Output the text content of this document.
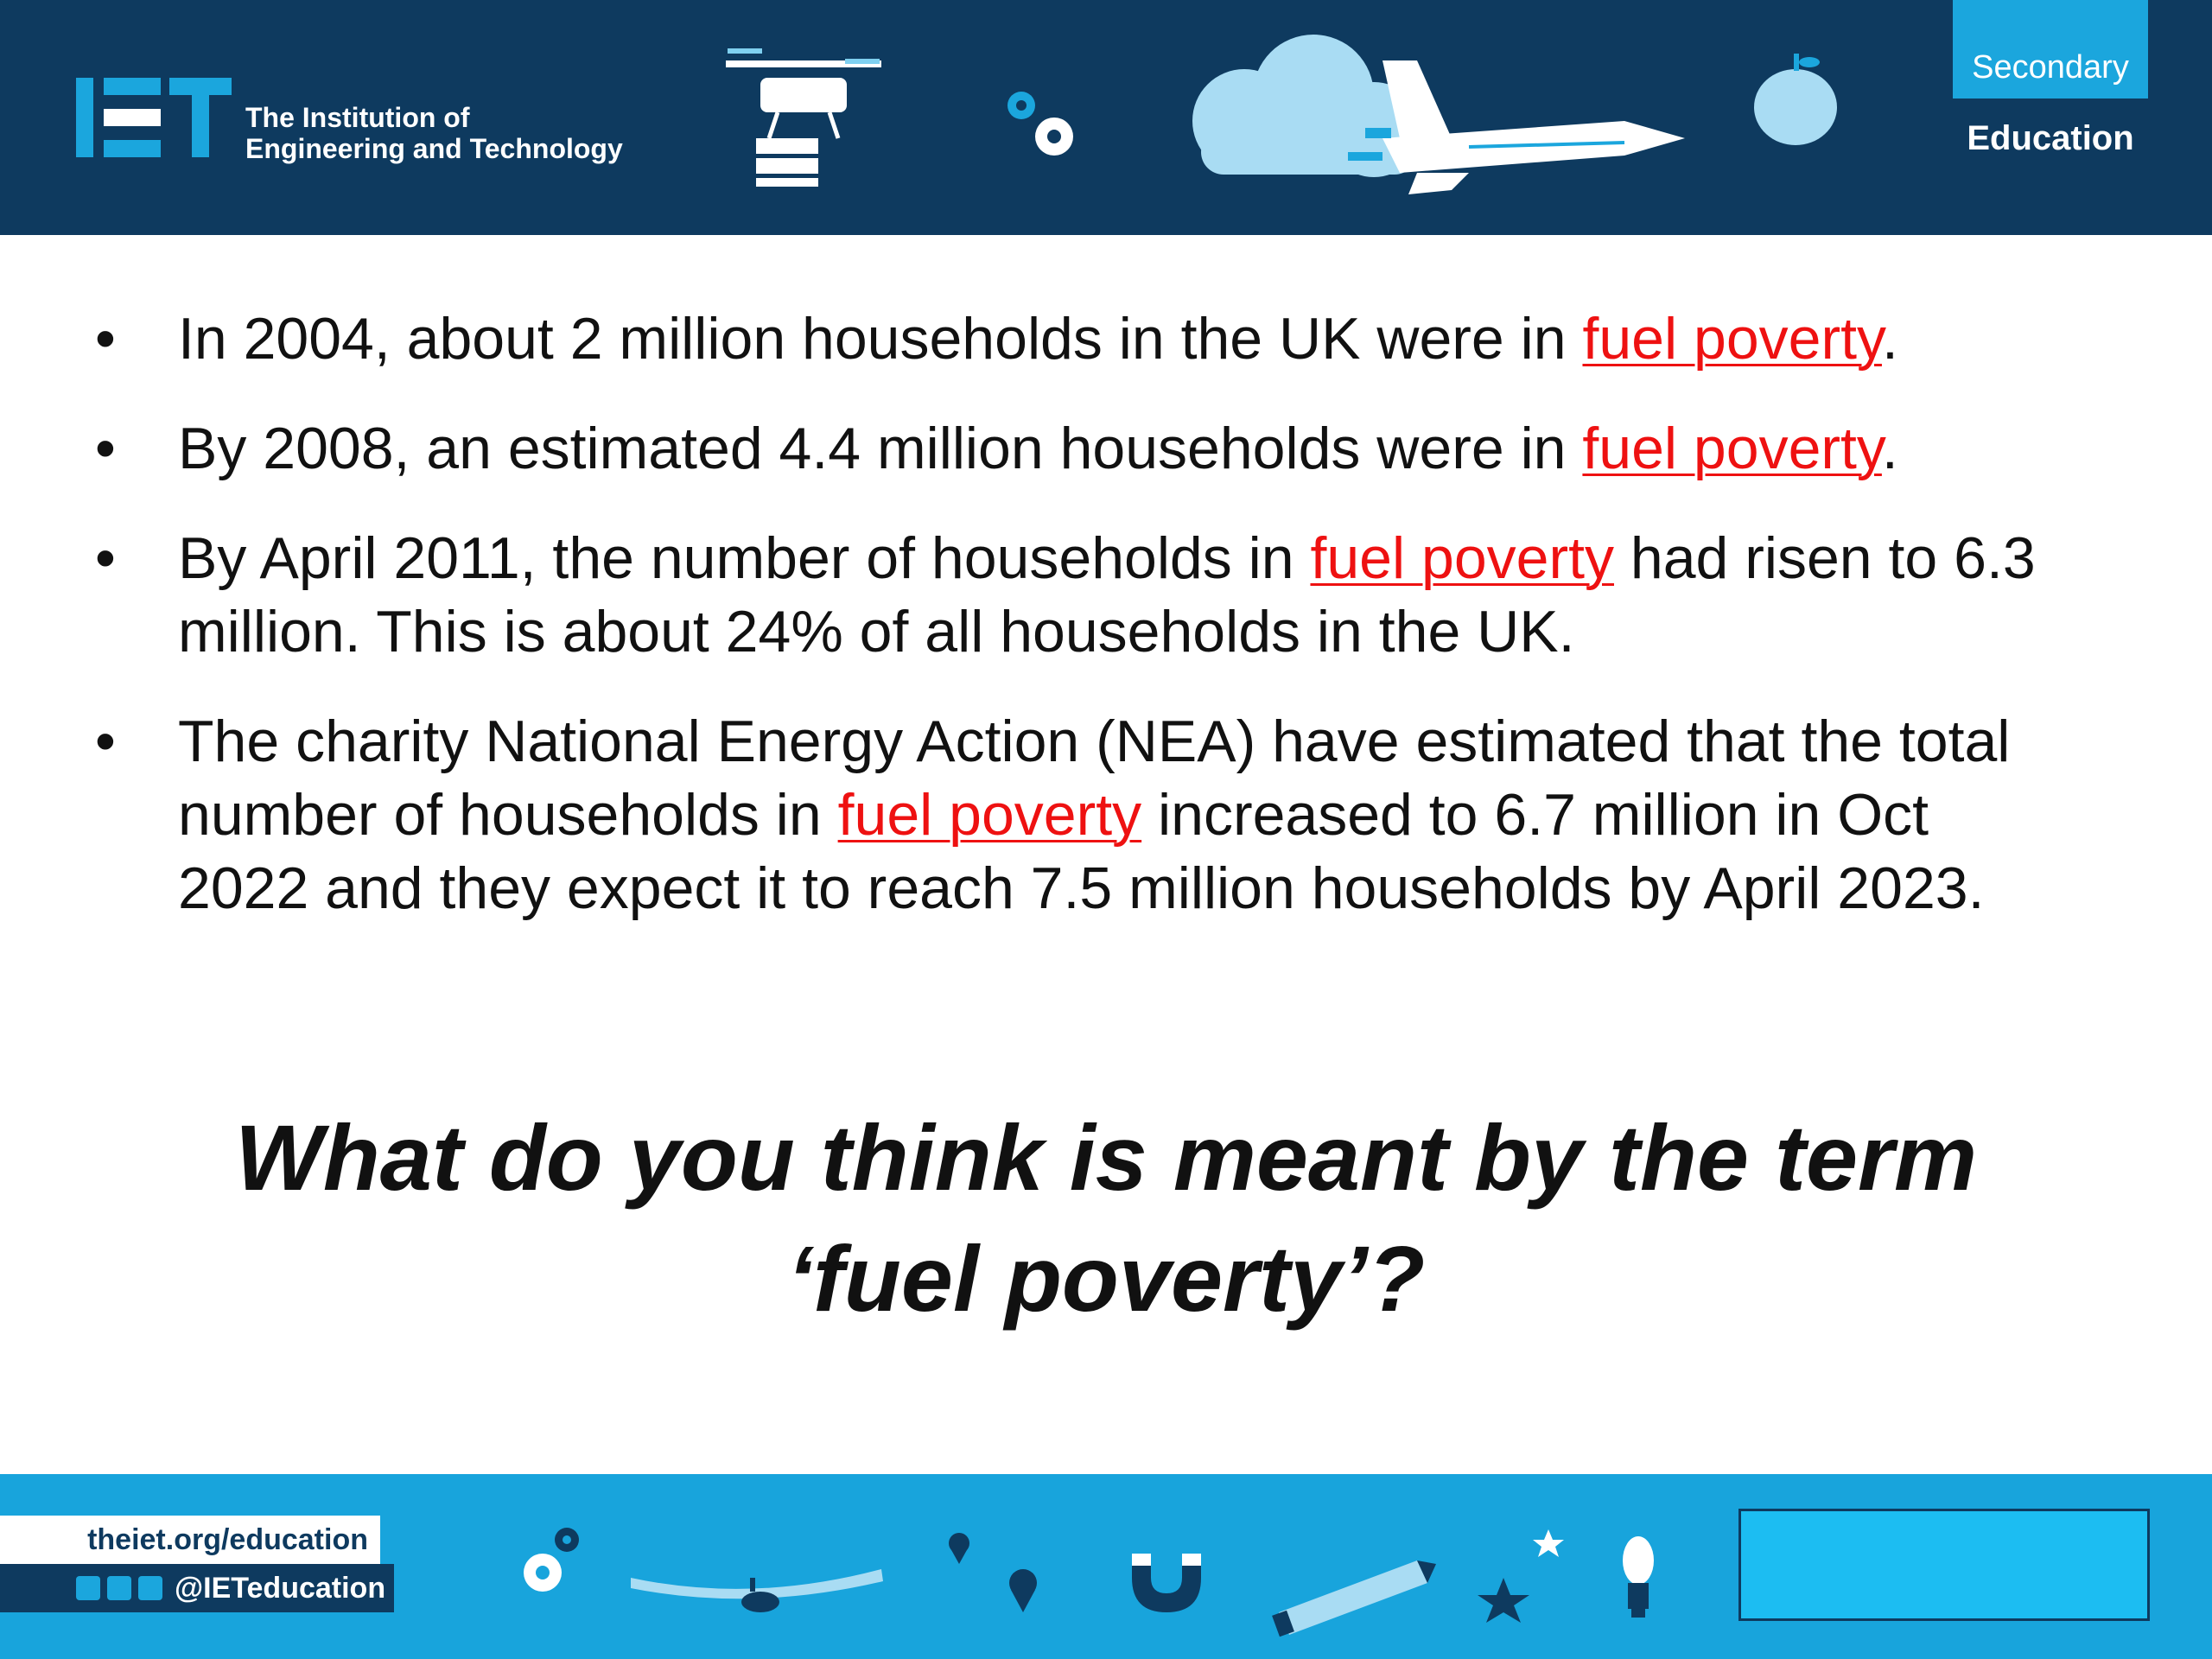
The Institution of
Engineering and Technology
Secondary
Education
• In 2004, about 2 million households in the UK were in fuel poverty.
• By 2008, an estimated 4.4 million households were in fuel poverty.
• By April 2011, the number of households in fuel poverty had risen to 6.3 million. This is about 24% of all households in the UK.
• The charity National Energy Action (NEA) have estimated that the total number of households in fuel poverty increased to 6.7 million in Oct 2022 and they expect it to reach 7.5 million households by April 2023.
What do you think is meant by the term
‘fuel poverty’?
theiet.org/education
@IETeducation
